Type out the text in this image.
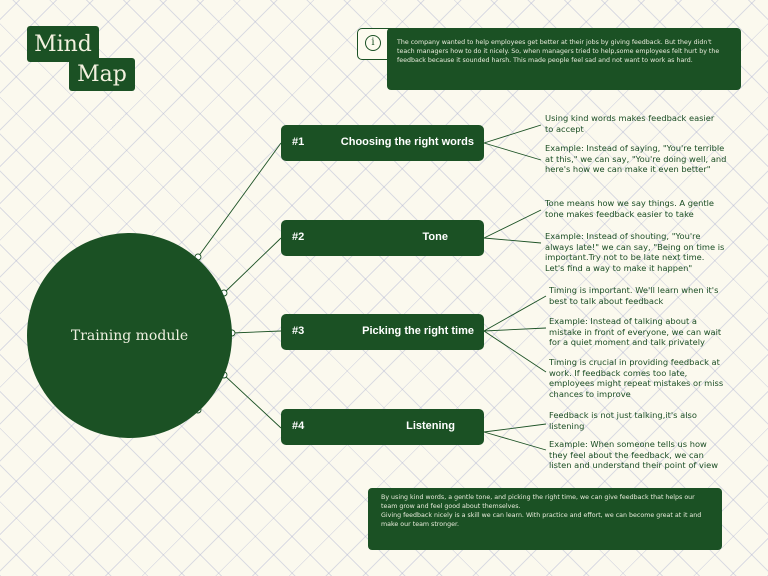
Mind
Map
i	The company wanted to help employees get better at their jobs by giving feedback. But they didn't teach managers how to do it nicely. So, when managers tried to help,some employees felt hurt by the feedback because it sounded harsh. This made people feel sad and not want to work as hard.
Training module
#1	Choosing the right words
#2	Tone
#3	Picking the right time
#4	Listening
Using kind words makes feedback easier
to accept
Example: Instead of saying, "You're terrible
at this," we can say, "You're doing well, and
here's how we can make it even better"
Tone means how we say things. A gentle
tone makes feedback easier to take
Example: Instead of shouting, "You're
always late!" we can say, "Being on time is
important.Try not to be late next time.
Let's find a way to make it happen"
Timing is important. We'll learn when it's
best to talk about feedback
Example: Instead of talking about a
mistake in front of everyone, we can wait
for a quiet moment and talk privately
Timing is crucial in providing feedback at
work. If feedback comes too late,
employees might repeat mistakes or miss
chances to improve
Feedback is not just talking,it's also
listening
Example: When someone tells us how
they feel about the feedback, we can
listen and understand their point of view

By using kind words, a gentle tone, and picking the right time, we can give feedback that helps our team grow and feel good about themselves.

Giving feedback nicely is a skill we can learn. With practice and effort, we can become great at it and make our team stronger.
